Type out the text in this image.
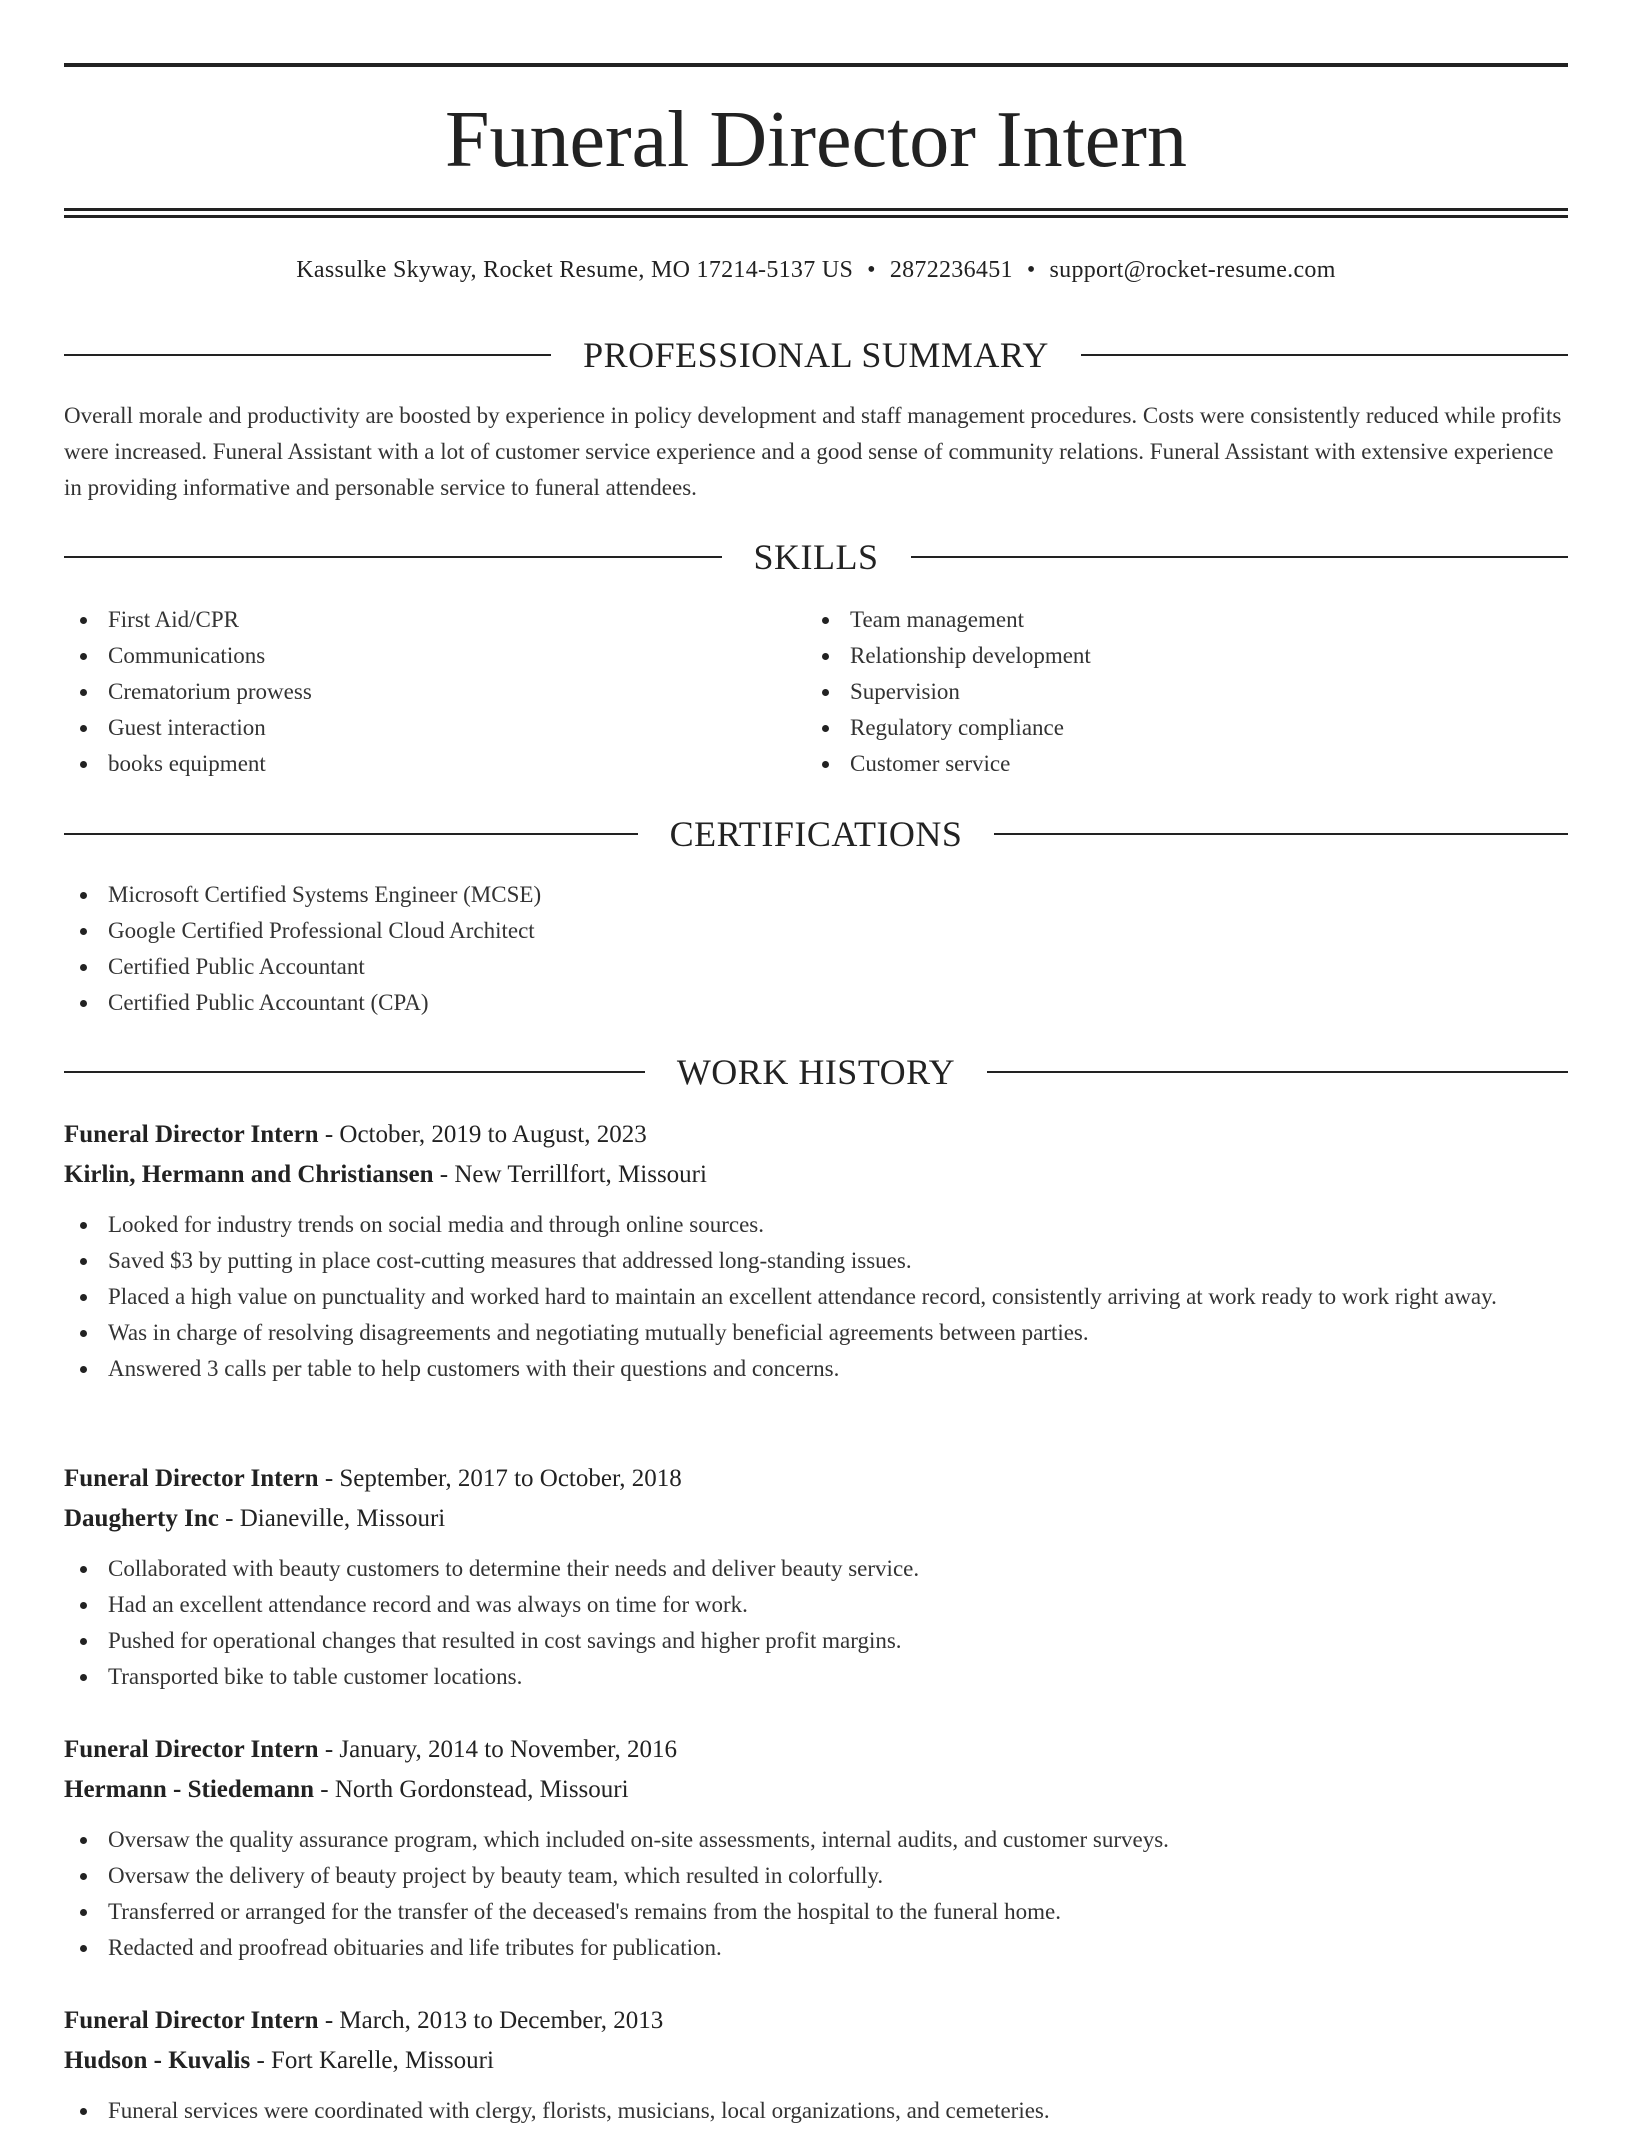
Funeral Director Intern
Kassulke Skyway, Rocket Resume, MO 17214-5137 US • 2872236451 • support@rocket-resume.com
PROFESSIONAL SUMMARY
Overall morale and productivity are boosted by experience in policy development and staff management procedures. Costs were consistently reduced while profits were increased. Funeral Assistant with a lot of customer service experience and a good sense of community relations. Funeral Assistant with extensive experience in providing informative and personable service to funeral attendees.
SKILLS
First Aid/CPR
Communications
Crematorium prowess
Guest interaction
books equipment
Team management
Relationship development
Supervision
Regulatory compliance
Customer service
CERTIFICATIONS
Microsoft Certified Systems Engineer (MCSE)
Google Certified Professional Cloud Architect
Certified Public Accountant
Certified Public Accountant (CPA)
WORK HISTORY
Funeral Director Intern - October, 2019 to August, 2023
Kirlin, Hermann and Christiansen - New Terrillfort, Missouri
Looked for industry trends on social media and through online sources.
Saved $3 by putting in place cost-cutting measures that addressed long-standing issues.
Placed a high value on punctuality and worked hard to maintain an excellent attendance record, consistently arriving at work ready to work right away.
Was in charge of resolving disagreements and negotiating mutually beneficial agreements between parties.
Answered 3 calls per table to help customers with their questions and concerns.
Funeral Director Intern - September, 2017 to October, 2018
Daugherty Inc - Dianeville, Missouri
Collaborated with beauty customers to determine their needs and deliver beauty service.
Had an excellent attendance record and was always on time for work.
Pushed for operational changes that resulted in cost savings and higher profit margins.
Transported bike to table customer locations.
Funeral Director Intern - January, 2014 to November, 2016
Hermann - Stiedemann - North Gordonstead, Missouri
Oversaw the quality assurance program, which included on-site assessments, internal audits, and customer surveys.
Oversaw the delivery of beauty project by beauty team, which resulted in colorfully.
Transferred or arranged for the transfer of the deceased's remains from the hospital to the funeral home.
Redacted and proofread obituaries and life tributes for publication.
Funeral Director Intern - March, 2013 to December, 2013
Hudson - Kuvalis - Fort Karelle, Missouri
Funeral services were coordinated with clergy, florists, musicians, local organizations, and cemeteries.
